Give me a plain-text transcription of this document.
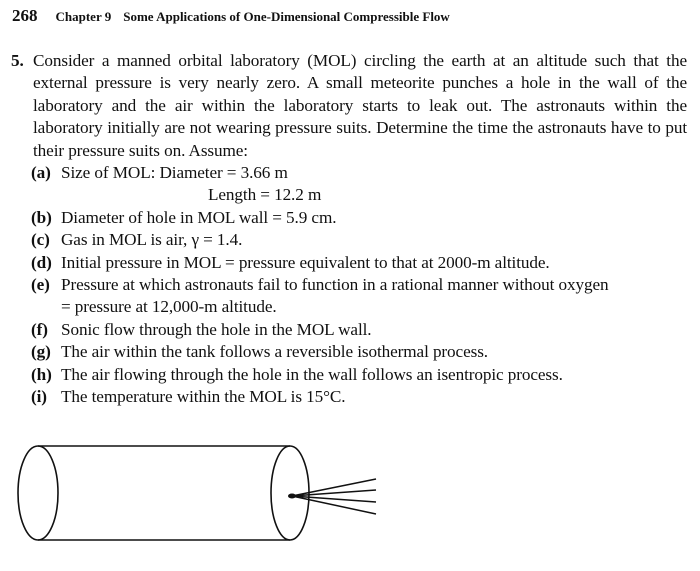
268 Chapter 9 Some Applications of One-Dimensional Compressible Flow
5. Consider a manned orbital laboratory (MOL) circling the earth at an altitude such that the external pressure is very nearly zero. A small meteorite punches a hole in the wall of the laboratory and the air within the laboratory starts to leak out. The astronauts within the laboratory initially are not wearing pressure suits. Determine the time the astronauts have to put their pressure suits on. Assume:
(a) Size of MOL: Diameter = 3.66 m
Length = 12.2 m
(b) Diameter of hole in MOL wall = 5.9 cm.
(c) Gas in MOL is air, γ = 1.4.
(d) Initial pressure in MOL = pressure equivalent to that at 2000-m altitude.
(e) Pressure at which astronauts fail to function in a rational manner without oxygen
= pressure at 12,000-m altitude.
(f) Sonic flow through the hole in the MOL wall.
(g) The air within the tank follows a reversible isothermal process.
(h) The air flowing through the hole in the wall follows an isentropic process.
(i) The temperature within the MOL is 15°C.
